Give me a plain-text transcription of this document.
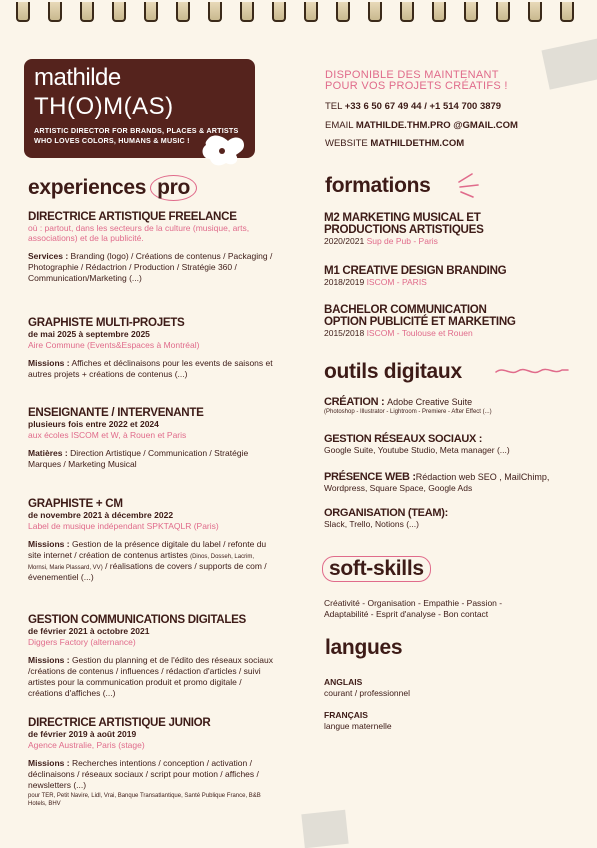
mathilde
TH(O)M(AS)
ARTISTIC DIRECTOR FOR BRANDS, PLACES & ARTISTS
WHO LOVES COLORS, HUMANS & MUSIC !
DISPONIBLE DES MAINTENANT
POUR VOS PROJETS CRÉATIFS !
TEL +33 6 50 67 49 44 / +1 514 700 3879
EMAIL MATHILDE.THM.PRO @GMAIL.COM
WEBSITE MATHILDETHM.COM
experiences pro
DIRECTRICE ARTISTIQUE FREELANCE
où : partout, dans les secteurs de la culture (musique, arts, associations) et de la publicité.
Services : Branding (logo) / Créations de contenus / Packaging / Photographie / Rédactrion / Production / Stratégie 360 / Communication/Marketing (...)
GRAPHISTE MULTI-PROJETS
de mai 2025 à septembre 2025
Aire Commune (Events&Espaces à Montréal)
Missions : Affiches et déclinaisons pour les events de saisons et autres projets + créations de contenus (...)
ENSEIGNANTE / INTERVENANTE
plusieurs fois entre 2022 et 2024
aux écoles ISCOM et W, à Rouen et Paris
Matières : Direction Artistique / Communication / Stratégie Marques / Marketing Musical
GRAPHISTE + CM
de novembre 2021 à décembre 2022
Label de musique indépendant SPKTAQLR (Paris)
Missions : Gestion de la présence digitale du label / refonte du site internet / création de contenus artistes (Dinos, Dosseh, Lacrim, Mornsi, Marie Plassard, VV) / réalisations de covers / supports de com / évenementiel (...)
GESTION COMMUNICATIONS DIGITALES
de février 2021 à octobre 2021
Diggers Factory (alternance)
Missions : Gestion du planning et de l'édito des réseaux sociaux /créations de contenus / influences / rédaction d'articles / suivi artistes pour la communication produit et promo digitale / créations d'affiches (...)
DIRECTRICE ARTISTIQUE JUNIOR
de février 2019 à août 2019
Agence Australie, Paris (stage)
Missions : Recherches intentions / conception / activation / déclinaisons / réseaux sociaux / script pour motion / affiches / newsletters (...)
pour TER, Petit Navire, Lidl, Vrai, Banque Transatlantique, Santé Publique France, B&B Hotels, BHV
formations
M2 MARKETING MUSICAL ET
PRODUCTIONS ARTISTIQUES
2020/2021 Sup de Pub - Paris
M1 CREATIVE DESIGN BRANDING
2018/2019 ISCOM - PARIS
BACHELOR COMMUNICATION
OPTION PUBLICITÉ ET MARKETING
2015/2018 ISCOM - Toulouse et Rouen
outils digitaux
CRÉATION : Adobe Creative Suite
(Photoshop - Illustrator - Lightroom - Premiere - After Effect (...)
GESTION RÉSEAUX SOCIAUX :
Google Suite, Youtube Studio, Meta manager (...)
PRÉSENCE WEB :Rédaction web SEO , MailChimp,
Wordpress, Square Space, Google Ads
ORGANISATION (TEAM):
Slack, Trello, Notions (...)
soft-skills
Créativité - Organisation - Empathie - Passion -
Adaptabilité - Esprit d'analyse - Bon contact
langues
ANGLAIS
courant / professionnel
FRANÇAIS
langue maternelle
